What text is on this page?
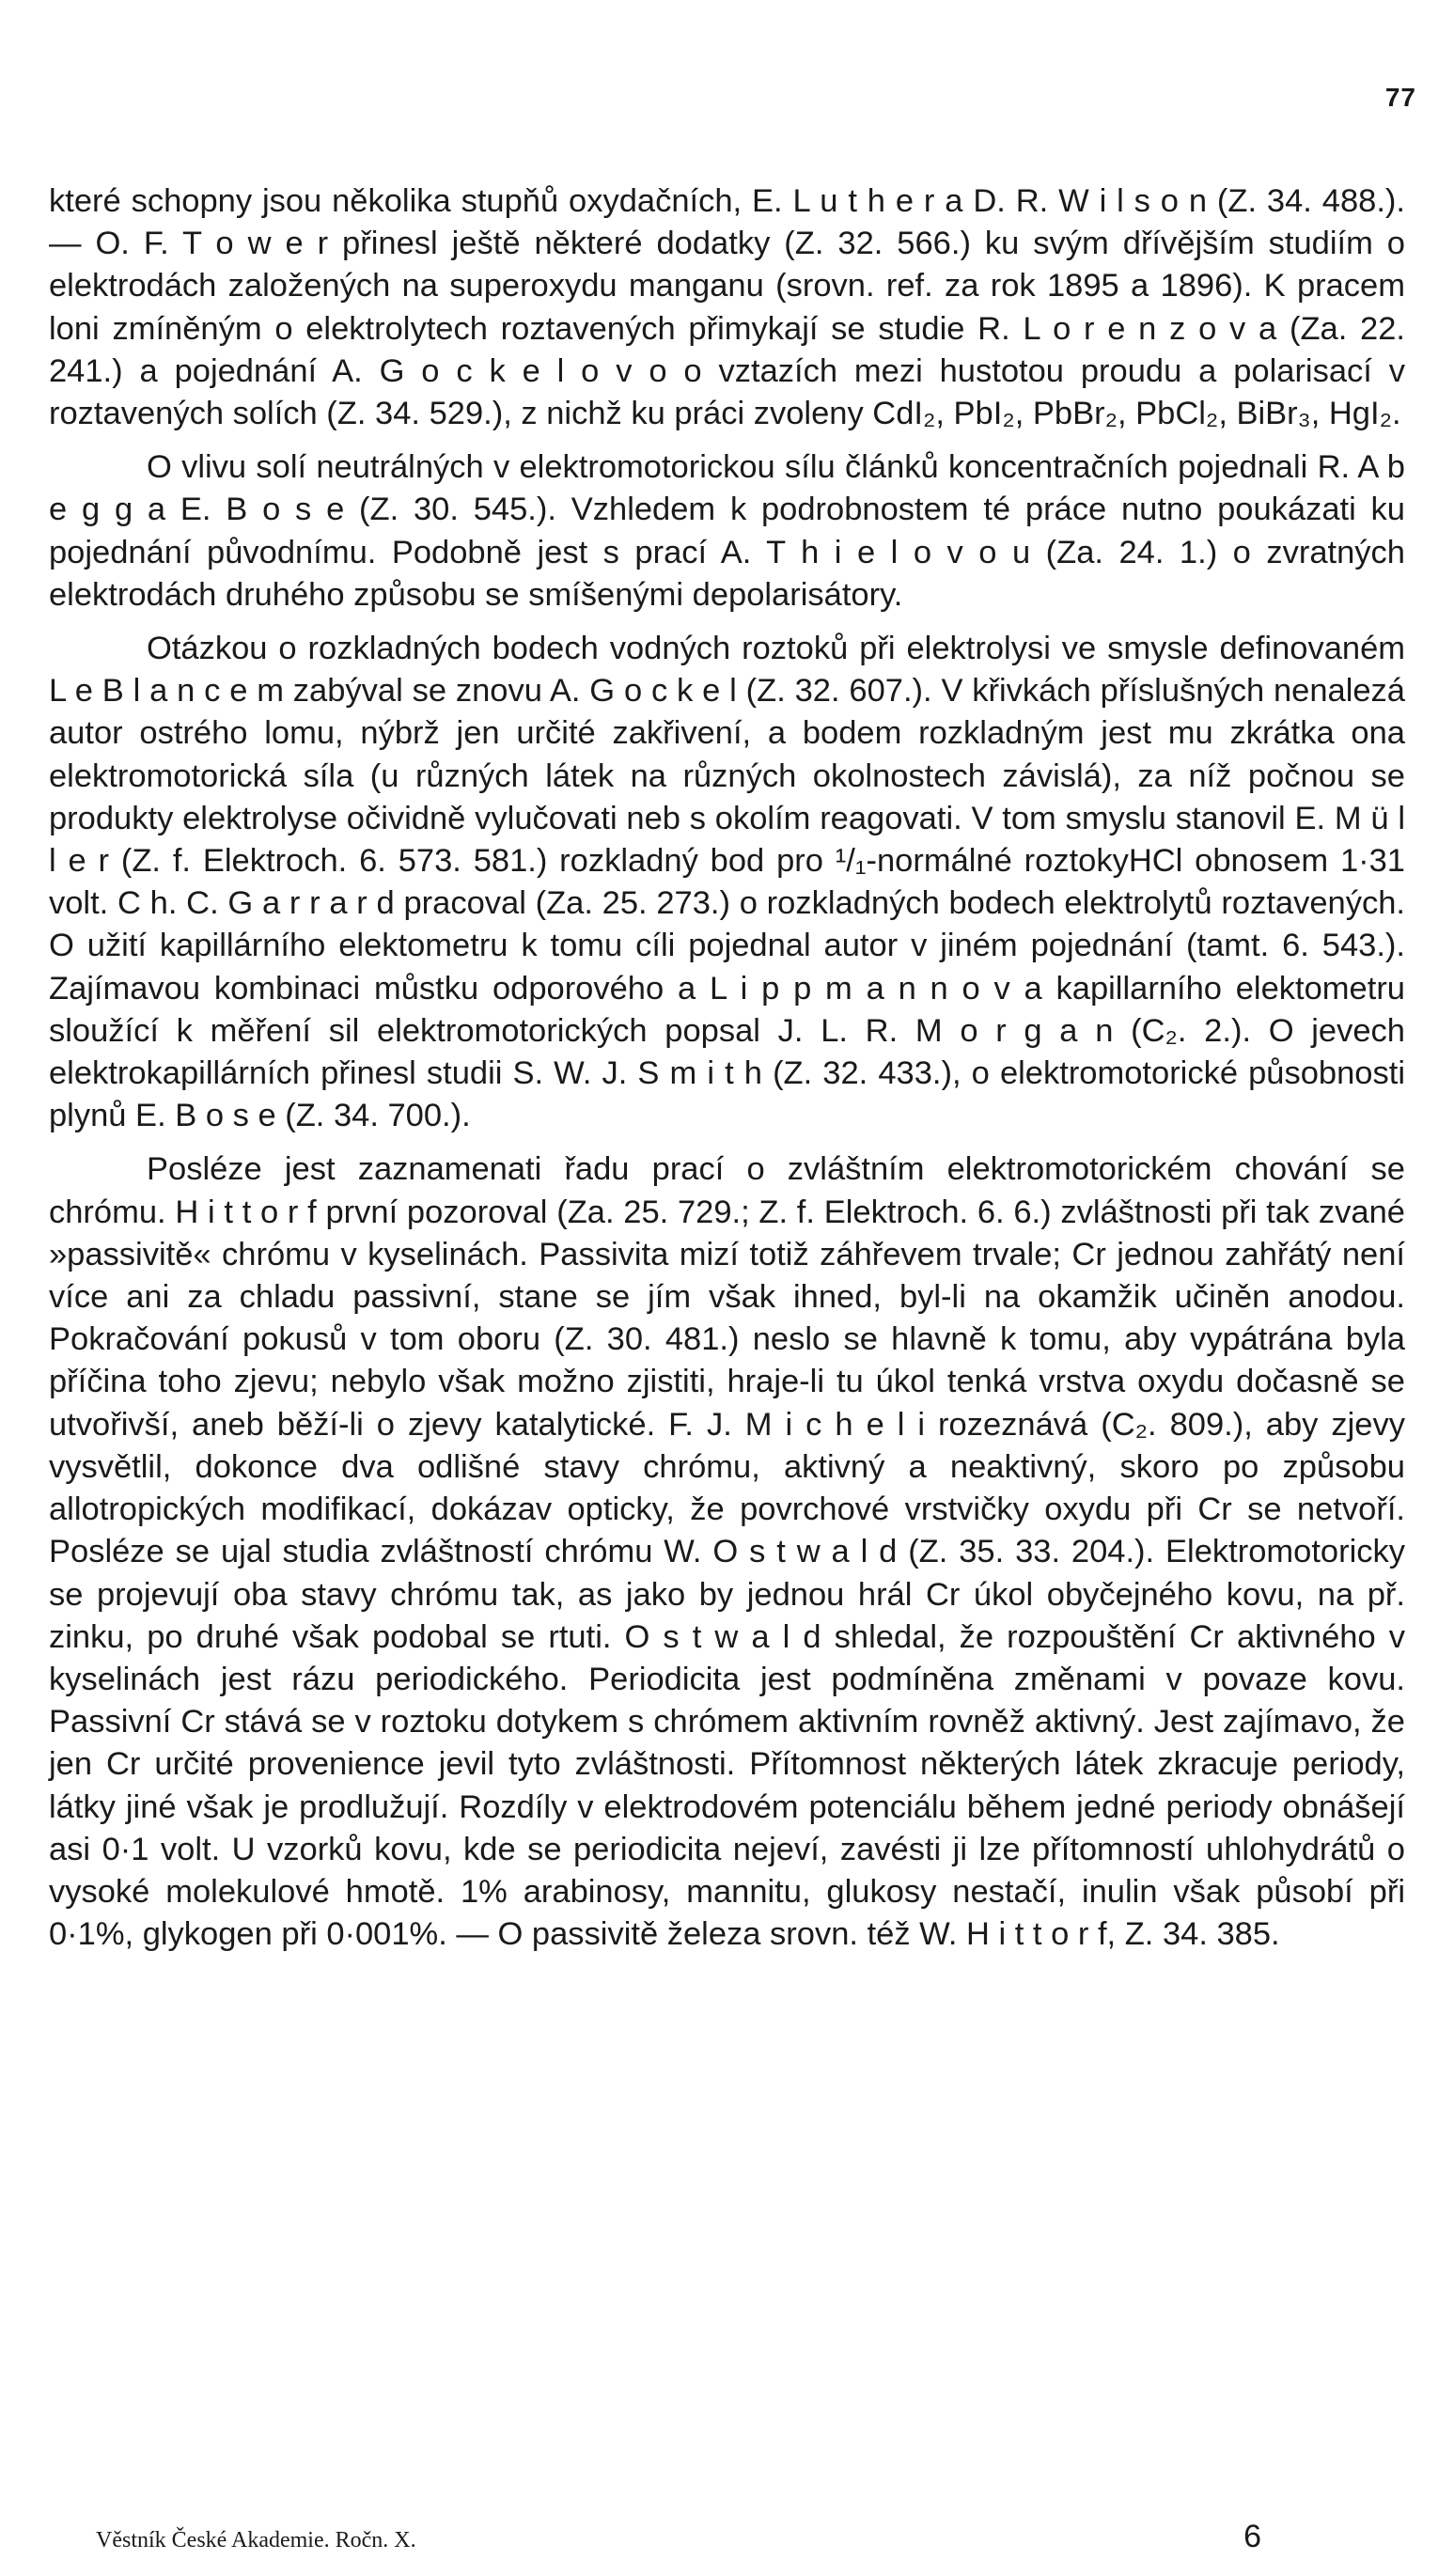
77

které schopny jsou několika stupňů oxydačních, E. L u t h e r a D. R. W i l s o n (Z. 34. 488.). — O. F. T o w e r přinesl ještě některé dodatky (Z. 32. 566.) ku svým dřívějším studiím o elektrodách založených na superoxydu manganu (srovn. ref. za rok 1895 a 1896). K pracem loni zmíněným o elektrolytech roztavených přimykají se studie R. L o r e n z o v a (Za. 22. 241.) a pojednání A. G o c k e l o v o o vztazích mezi hustotou proudu a polarisací v roztavených solích (Z. 34. 529.), z nichž ku práci zvoleny CdI₂, PbI₂, PbBr₂, PbCl₂, BiBr₃, HgI₂.

O vlivu solí neutrálných v elektromotorickou sílu článků koncentračních pojednali R. A b e g g a E. B o s e (Z. 30. 545.). Vzhledem k podrobnostem té práce nutno poukázati ku pojednání původnímu. Podobně jest s prací A. T h i e l o v o u (Za. 24. 1.) o zvratných elektrodách druhého způsobu se smíšenými depolarisátory.

Otázkou o rozkladných bodech vodných roztoků při elektrolysi ve smysle definovaném L e B l a n c e m zabýval se znovu A. G o c k e l (Z. 32. 607.). V křivkách příslušných nenalezá autor ostrého lomu, nýbrž jen určité zakřivení, a bodem rozkladným jest mu zkrátka ona elektromotorická síla (u různých látek na různých okolnostech závislá), za níž počnou se produkty elektrolyse očividně vylučovati neb s okolím reagovati. V tom smyslu stanovil E. M ü l l e r (Z. f. Elektroch. 6. 573. 581.) rozkladný bod pro ¹/₁-normálné roztokyHCl obnosem 1·31 volt. C h. C. G a r r a r d pracoval (Za. 25. 273.) o rozkladných bodech elektrolytů roztavených. O užití kapillárního elektometru k tomu cíli pojednal autor v jiném pojednání (tamt. 6. 543.). Zajímavou kombinaci můstku odporového a L i p p m a n n o v a kapillarního elektometru sloužící k měření sil elektromotorických popsal J. L. R. M o r g a n (C₂. 2.). O jevech elektrokapillárních přinesl studii S. W. J. S m i t h (Z. 32. 433.), o elektromotorické působnosti plynů E. B o s e (Z. 34. 700.).

Posléze jest zaznamenati řadu prací o zvláštním elektromotorickém chování se chrómu. H i t t o r f první pozoroval (Za. 25. 729.; Z. f. Elektroch. 6. 6.) zvláštnosti při tak zvané »passivitě« chrómu v kyselinách. Passivita mizí totiž záhřevem trvale; Cr jednou zahřátý není více ani za chladu passivní, stane se jím však ihned, byl-li na okamžik učiněn anodou. Pokračování pokusů v tom oboru (Z. 30. 481.) neslo se hlavně k tomu, aby vypátrána byla příčina toho zjevu; nebylo však možno zjistiti, hraje-li tu úkol tenká vrstva oxydu dočasně se utvořivší, aneb běží-li o zjevy katalytické. F. J. M i c h e l i rozeznává (C₂. 809.), aby zjevy vysvětlil, dokonce dva odlišné stavy chrómu, aktivný a neaktivný, skoro po způsobu allotropických modifikací, dokázav opticky, že povrchové vrstvičky oxydu při Cr se netvoří. Posléze se ujal studia zvláštností chrómu W. O s t w a l d (Z. 35. 33. 204.). Elektromotoricky se projevují oba stavy chrómu tak, as jako by jednou hrál Cr úkol obyčejného kovu, na př. zinku, po druhé však podobal se rtuti. O s t w a l d shledal, že rozpouštění Cr aktivného v kyselinách jest rázu periodického. Periodicita jest podmíněna změnami v povaze kovu. Passivní Cr stává se v roztoku dotykem s chrómem aktivním rovněž aktivný. Jest zajímavo, že jen Cr určité provenience jevil tyto zvláštnosti. Přítomnost některých látek zkracuje periody, látky jiné však je prodlužují. Rozdíly v elektrodovém potenciálu během jedné periody obnášejí asi 0·1 volt. U vzorků kovu, kde se periodicita nejeví, zavésti ji lze přítomností uhlohydrátů o vysoké molekulové hmotě. 1% arabinosy, mannitu, glukosy nestačí, inulin však působí při 0·1%, glykogen při 0·001%. — O passivitě železa srovn. též W. H i t t o r f, Z. 34. 385.

Věstník České Akademie. Ročn. X.	6
